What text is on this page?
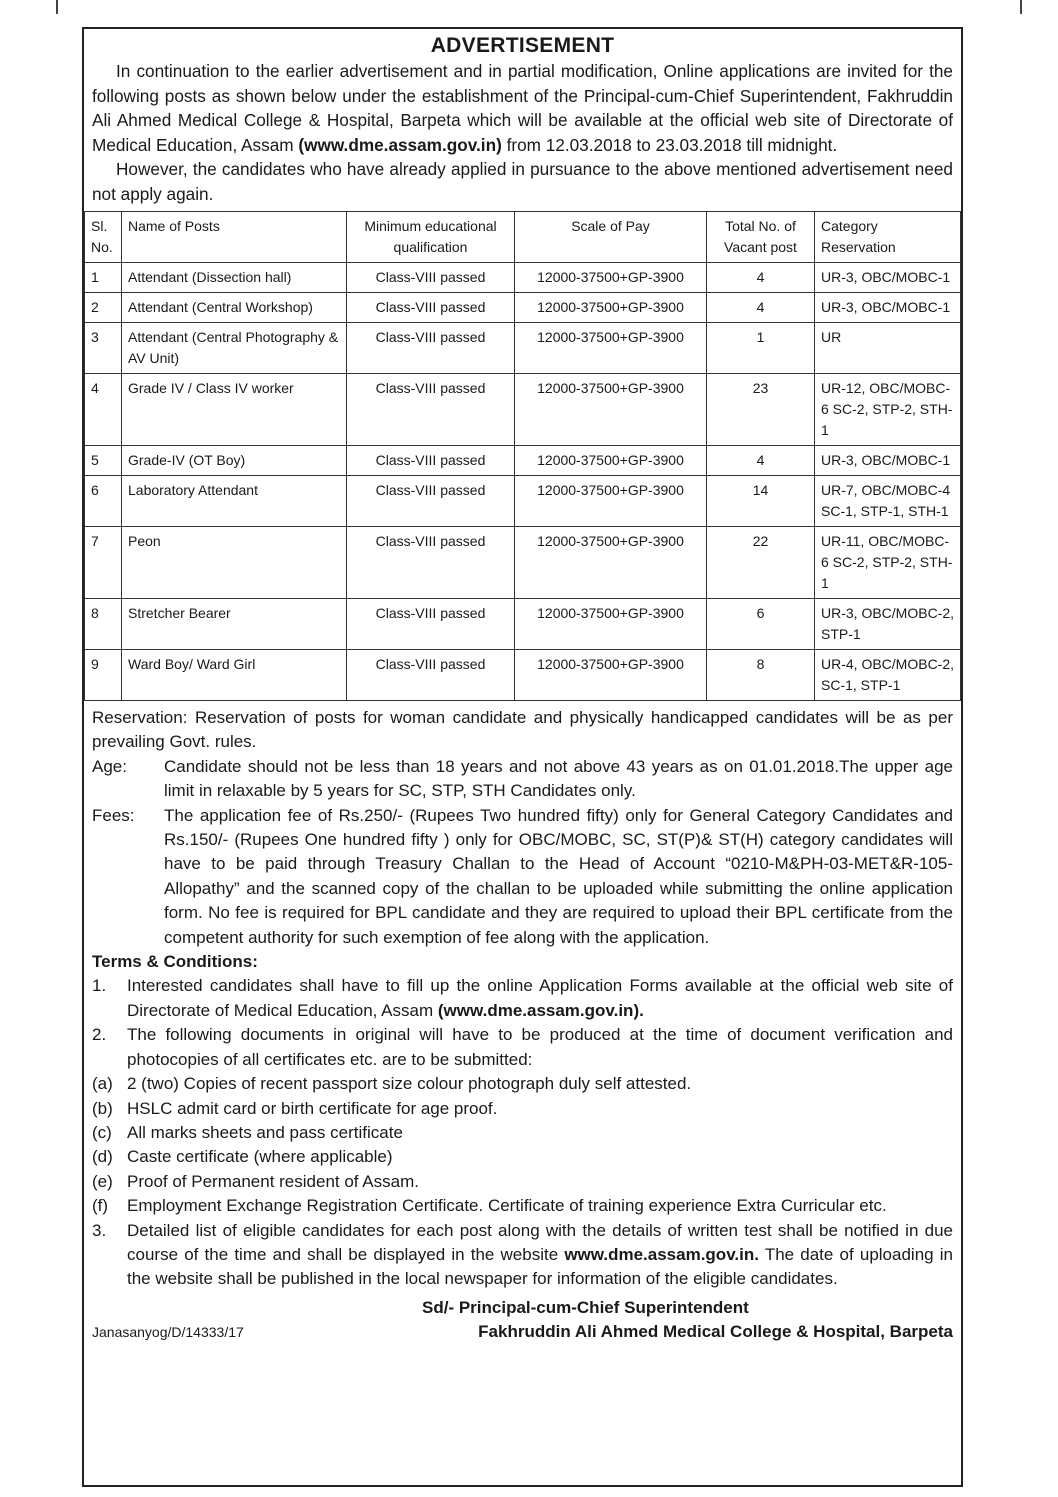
ADVERTISEMENT

In continuation to the earlier advertisement and in partial modification, Online applications are invited for the following posts as shown below under the establishment of the Principal-cum-Chief Superintendent, Fakhruddin Ali Ahmed Medical College & Hospital, Barpeta which will be available at the official web site of Directorate of Medical Education, Assam (www.dme.assam.gov.in) from 12.03.2018 to 23.03.2018 till midnight.

However, the candidates who have already applied in pursuance to the above mentioned advertisement need not apply again.

Sl. No.	Name of Posts	Minimum educational qualification	Scale of Pay	Total No. of Vacant post	Category Reservation
1	Attendant (Dissection hall)	Class-VIII passed	12000-37500+GP-3900	4	UR-3, OBC/MOBC-1
2	Attendant (Central Workshop)	Class-VIII passed	12000-37500+GP-3900	4	UR-3, OBC/MOBC-1
3	Attendant (Central Photography & AV Unit)	Class-VIII passed	12000-37500+GP-3900	1	UR
4	Grade IV / Class IV worker	Class-VIII passed	12000-37500+GP-3900	23	UR-12, OBC/MOBC-6 SC-2, STP-2, STH-1
5	Grade-IV (OT Boy)	Class-VIII passed	12000-37500+GP-3900	4	UR-3, OBC/MOBC-1
6	Laboratory Attendant	Class-VIII passed	12000-37500+GP-3900	14	UR-7, OBC/MOBC-4 SC-1, STP-1, STH-1
7	Peon	Class-VIII passed	12000-37500+GP-3900	22	UR-11, OBC/MOBC-6 SC-2, STP-2, STH-1
8	Stretcher Bearer	Class-VIII passed	12000-37500+GP-3900	6	UR-3, OBC/MOBC-2, STP-1
9	Ward Boy/ Ward Girl	Class-VIII passed	12000-37500+GP-3900	8	UR-4, OBC/MOBC-2, SC-1, STP-1
Reservation: Reservation of posts for woman candidate and physically handicapped candidates will be as per prevailing Govt. rules.
Age:	Candidate should not be less than 18 years and not above 43 years as on 01.01.2018.The upper age limit in relaxable by 5 years for SC, STP, STH Candidates only.
Fees:	The application fee of Rs.250/- (Rupees Two hundred fifty) only for General Category Candidates and Rs.150/- (Rupees One hundred fifty ) only for OBC/MOBC, SC, ST(P)& ST(H) category candidates will have to be paid through Treasury Challan to the Head of Account “0210-M&PH-03-MET&R-105- Allopathy” and the scanned copy of the challan to be uploaded while submitting the online application form. No fee is required for BPL candidate and they are required to upload their BPL certificate from the competent authority for such exemption of fee along with the application.
Terms & Conditions:
1.	Interested candidates shall have to fill up the online Application Forms available at the official web site of Directorate of Medical Education, Assam (www.dme.assam.gov.in).
2.	The following documents in original will have to be produced at the time of document verification and photocopies of all certificates etc. are to be submitted:
(a) 2 (two) Copies of recent passport size colour photograph duly self attested.
(b) HSLC admit card or birth certificate for age proof.
(c) All marks sheets and pass certificate
(d) Caste certificate (where applicable)
(e) Proof of Permanent resident of Assam.
(f)	Employment Exchange Registration Certificate. Certificate of training experience Extra Curricular etc.
3.	Detailed list of eligible candidates for each post along with the details of written test shall be notified in due course of the time and shall be displayed in the website www.dme.assam.gov.in. The date of uploading in the website shall be published in the local newspaper for information of the eligible candidates.
Sd/- Principal-cum-Chief Superintendent
Janasanyog/D/14333/17	Fakhruddin Ali Ahmed Medical College & Hospital, Barpeta
